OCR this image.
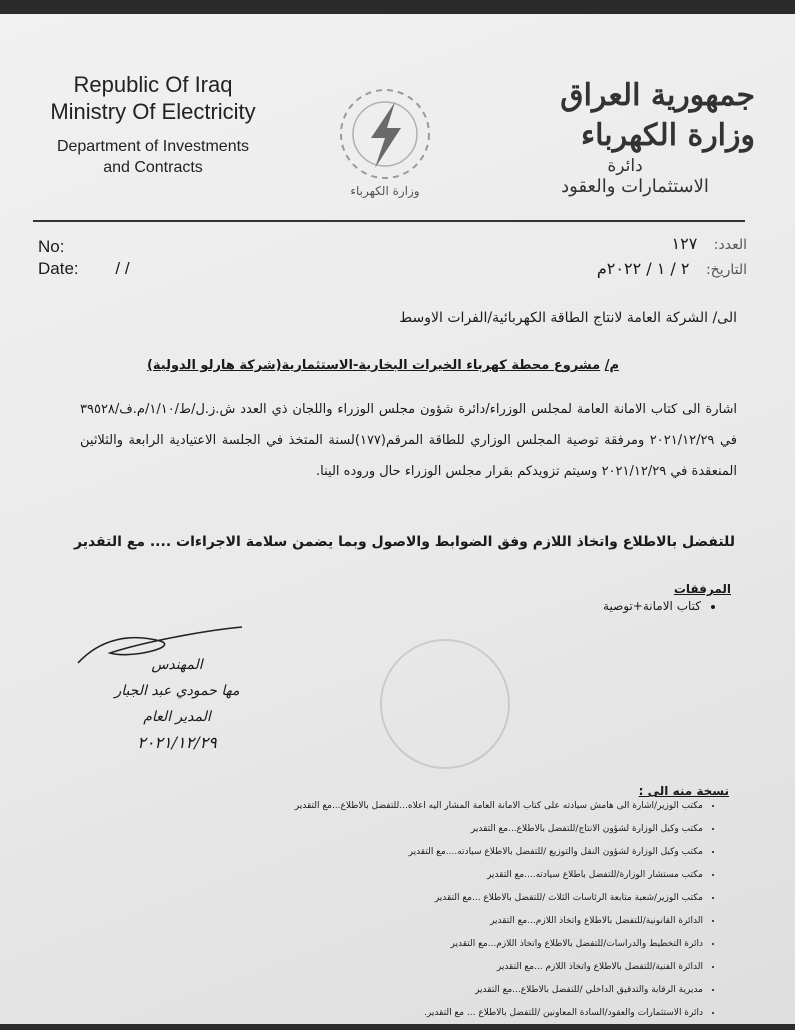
Republic Of Iraq
Ministry Of Electricity
Department of Investments
and Contracts
وزارة الكهرباء
جمهورية العراق
وزارة الكهرباء
دائرة
الاستثمارات والعقود
No:
Date: / /
العدد: ١٢٧
التاريخ: ٢ / ١ / ٢٠٢٢م
الى/ الشركة العامة لانتاج الطاقة الكهربائية/الفرات الاوسط
م/ مشروع محطة كهرباء الخيرات البخارية-الاستثمارية(شركة هارلو الدولية)
اشارة الى كتاب الامانة العامة لمجلس الوزراء/دائرة شؤون مجلس الوزراء واللجان ذي العدد ش.ز.ل/ط/١/١٠/م.ف/٣٩٥٢٨ في ٢٠٢١/١٢/٢٩ ومرفقة توصية المجلس الوزاري للطاقة المرقم(١٧٧)لسنة المتخذ في الجلسة الاعتيادية الرابعة والثلاثين المنعقدة في ٢٠٢١/١٢/٢٩ وسيتم تزويدكم بقرار مجلس الوزراء حال وروده الينا.
للتفضل بالاطلاع واتخاذ اللازم وفق الضوابط والاصول وبما يضمن سلامة الاجراءات .... مع التقدير
المرفقات
• كتاب الامانة+توصية
المهندس
مها حمودي عبد الجبار
المدير العام
٢٠٢١/١٢/٢٩
نسخة منه الى :
• مكتب الوزير/اشارة الى هامش سيادته على كتاب الامانة العامة المشار اليه اعلاه...للتفضل بالاطلاع...مع التقدير
• مكتب وكيل الوزارة لشؤون الانتاج/للتفضل بالاطلاع...مع التقدير
• مكتب وكيل الوزارة لشؤون النقل والتوزيع /للتفضل بالاطلاع سيادته....مع التقدير
• مكتب مستشار الوزارة/للتفضل باطلاع سيادته....مع التقدير
• مكتب الوزير/شعبة متابعة الرئاسات الثلاث /للتفضل بالاطلاع ...مع التقدير
• الدائرة القانونية/للتفضل بالاطلاع واتخاذ اللازم...مع التقدير
• دائرة التخطيط والدراسات/للتفضل بالاطلاع واتخاذ اللازم...مع التقدير
• الدائرة الفنية/للتفضل بالاطلاع واتخاذ اللازم ...مع التقدير
• مديرية الرقابة والتدقيق الداخلي /للتفضل بالاطلاع...مع التقدير
• دائرة الاستثمارات والعقود/السادة المعاونين /للتفضل بالاطلاع ... مع التقدير.
